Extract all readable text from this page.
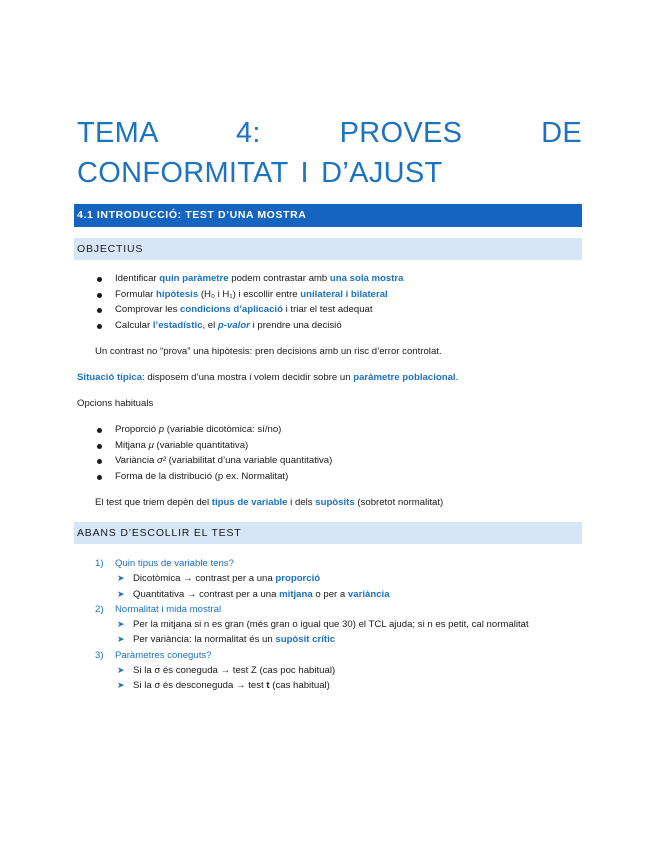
TEMA 4: PROVES DE CONFORMITAT I D’AJUST
4.1 INTRODUCCIÓ: TEST D’UNA MOSTRA
OBJECTIUS
Identificar quin paràmetre podem contrastar amb una sola mostra
Formular hipòtesis (H₀ i H₁) i escollir entre unilateral i bilateral
Comprovar les condicions d’aplicació i triar el test adequat
Calcular l’estadístic, el p-valor i prendre una decisió
Un contrast no “prova” una hipòtesis: pren decisions amb un risc d’error controlat.
Situació típica: disposem d’una mostra i volem decidir sobre un paràmetre poblacional.
Opcions habituals
Proporció p (variable dicotòmica: sí/no)
Mitjana μ (variable quantitativa)
Variància σ² (variabilitat d’una variable quantitativa)
Forma de la distribució (p ex. Normalitat)
El test que triem depèn del tipus de variable i dels supòsits (sobretot normalitat)
ABANS D’ESCOLLIR EL TEST
1) Quin tipus de variable tens?
➤ Dicotòmica → contrast per a una proporció
➤ Quantitativa → contrast per a una mitjana o per a variància
2) Normalitat i mida mostral
➤ Per la mitjana si n es gran (més gran o igual que 30) el TCL ajuda; si n es petit, cal normalitat
➤ Per variància: la normalitat és un supòsit crític
3) Paràmetres coneguts?
➤ Si la σ és coneguda → test Z (cas poc habitual)
➤ Si la σ és desconeguda → test t (cas habitual)
